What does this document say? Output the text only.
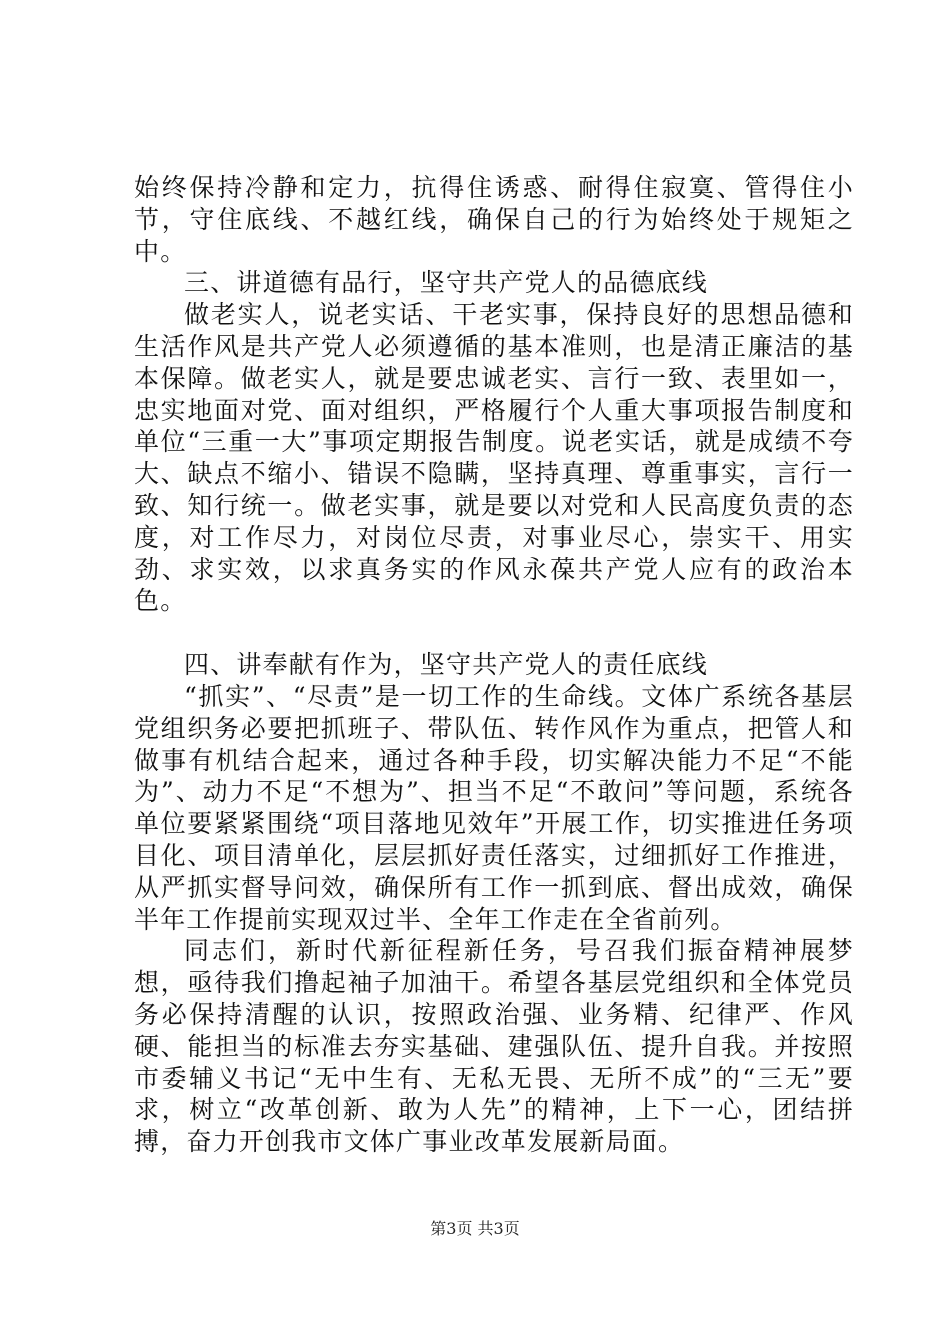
始终保持冷静和定力，抗得住诱惑、耐得住寂寞、管得住小节，守住底线、不越红线，确保自己的行为始终处于规矩之中。

三、讲道德有品行，坚守共产党人的品德底线

做老实人，说老实话、干老实事，保持良好的思想品德和生活作风是共产党人必须遵循的基本准则，也是清正廉洁的基本保障。做老实人，就是要忠诚老实、言行一致、表里如一，忠实地面对党、面对组织，严格履行个人重大事项报告制度和单位“三重一大”事项定期报告制度。说老实话，就是成绩不夸大、缺点不缩小、错误不隐瞒，坚持真理、尊重事实，言行一致、知行统一。做老实事，就是要以对党和人民高度负责的态度，对工作尽力，对岗位尽责，对事业尽心，崇实干、用实劲、求实效，以求真务实的作风永葆共产党人应有的政治本色。

四、讲奉献有作为，坚守共产党人的责任底线

“抓实”、“尽责”是一切工作的生命线。文体广系统各基层党组织务必要把抓班子、带队伍、转作风作为重点，把管人和做事有机结合起来，通过各种手段，切实解决能力不足“不能为”、动力不足“不想为”、担当不足“不敢问”等问题，系统各单位要紧紧围绕“项目落地见效年”开展工作，切实推进任务项目化、项目清单化，层层抓好责任落实，过细抓好工作推进，从严抓实督导问效，确保所有工作一抓到底、督出成效，确保半年工作提前实现双过半、全年工作走在全省前列。

同志们，新时代新征程新任务，号召我们振奋精神展梦想，亟待我们撸起袖子加油干。希望各基层党组织和全体党员务必保持清醒的认识，按照政治强、业务精、纪律严、作风硬、能担当的标准去夯实基础、建强队伍、提升自我。并按照市委辅义书记“无中生有、无私无畏、无所不成”的“三无”要求，树立“改革创新、敢为人先”的精神，上下一心，团结拼搏，奋力开创我市文体广事业改革发展新局面。

第3页 共3页
